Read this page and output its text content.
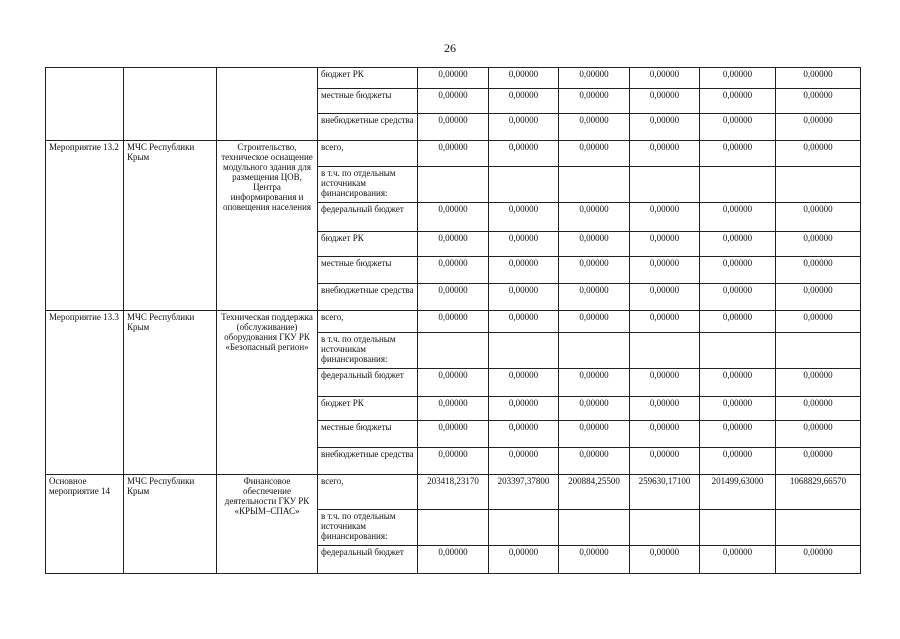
26
			бюджет РК	0,00000	0,00000	0,00000	0,00000	0,00000	0,00000
			местные бюджеты	0,00000	0,00000	0,00000	0,00000	0,00000	0,00000
			внебюджетные средства	0,00000	0,00000	0,00000	0,00000	0,00000	0,00000
Мероприятие 13.2	МЧС Республики Крым	Строительство, техническое оснащение модульного здания для размещения ЦОВ, Центра информирования и оповещения населения	всего,	0,00000	0,00000	0,00000	0,00000	0,00000	0,00000
			в т.ч. по отдельным источникам финансирования:						
			федеральный бюджет	0,00000	0,00000	0,00000	0,00000	0,00000	0,00000
			бюджет РК	0,00000	0,00000	0,00000	0,00000	0,00000	0,00000
			местные бюджеты	0,00000	0,00000	0,00000	0,00000	0,00000	0,00000
			внебюджетные средства	0,00000	0,00000	0,00000	0,00000	0,00000	0,00000
Мероприятие 13.3	МЧС Республики Крым	Техническая поддержка (обслуживание) оборудования ГКУ РК «Безопасный регион»	всего,	0,00000	0,00000	0,00000	0,00000	0,00000	0,00000
			в т.ч. по отдельным источникам финансирования:						
			федеральный бюджет	0,00000	0,00000	0,00000	0,00000	0,00000	0,00000
			бюджет РК	0,00000	0,00000	0,00000	0,00000	0,00000	0,00000
			местные бюджеты	0,00000	0,00000	0,00000	0,00000	0,00000	0,00000
			внебюджетные средства	0,00000	0,00000	0,00000	0,00000	0,00000	0,00000
Основное мероприятие 14	МЧС Республики Крым	Финансовое обеспечение деятельности ГКУ РК «КРЫМ–СПАС»	всего,	203418,23170	203397,37800	200884,25500	259630,17100	201499,63000	1068829,66570
			в т.ч. по отдельным источникам финансирования:						
			федеральный бюджет	0,00000	0,00000	0,00000	0,00000	0,00000	0,00000
